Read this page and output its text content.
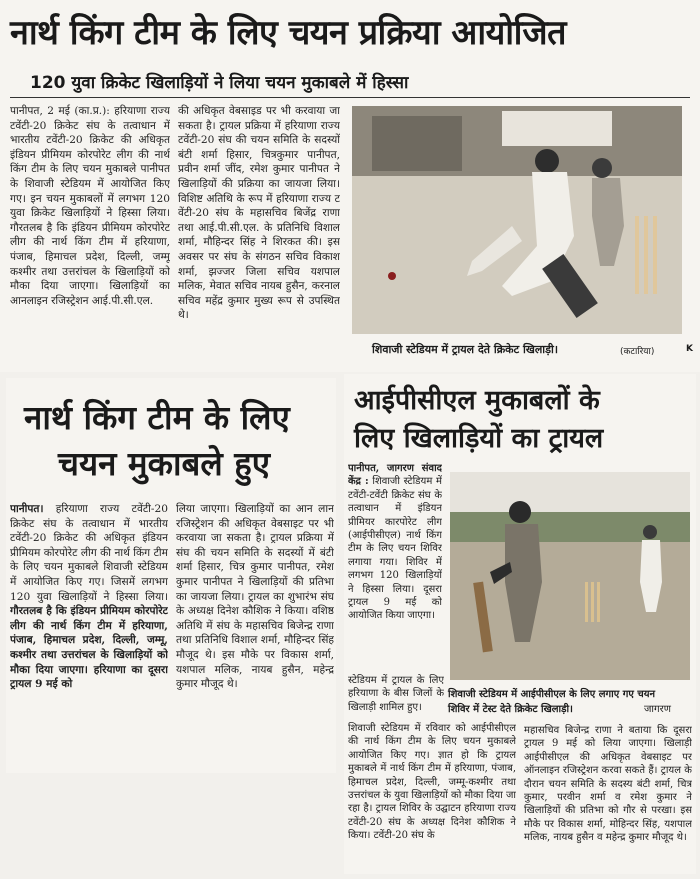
नार्थ किंग टीम के लिए चयन प्रक्रिया आयोजित
120 युवा क्रिकेट खिलाड़ियों ने लिया चयन मुकाबले में हिस्सा
पानीपत, 2 मई (का.प्र.): हरियाणा राज्य टवेंटी-20 क्रिकेट संघ के तत्वाधान में भारतीय टवेंटी-20 क्रिकेट की अधिकृत इंडियन प्रीमियम कोरपोरेट लीग की नार्थ किंग टीम के लिए चयन मुकाबले पानीपत के शिवाजी स्टेडियम में आयोजित किए गए। इन चयन मुकाबलों में लगभग 120 युवा क्रिकेट खिलाड़ियों ने हिस्सा लिया। गौरतलब है कि इंडियन प्रीमियम कोरपोरेट लीग की नार्थ किंग टीम में हरियाणा, पंजाब, हिमाचल प्रदेश, दिल्ली, जम्मू कश्मीर तथा उत्तरांचल के खिलाड़ियों को मौका दिया जाएगा। खिलाड़ियों का आनलाइन रजिस्ट्रेशन आई.पी.सी.एल.
की अधिकृत वेबसाइड पर भी करवाया जा सकता है। ट्रायल प्रक्रिया में हरियाणा राज्य टवेंटी-20 संघ की चयन समिति के सदस्यों बंटी शर्मा हिसार, चित्रकुमार पानीपत, प्रवीन शर्मा जींद, रमेश कुमार पानीपत ने खिलाड़ियों की प्रक्रिया का जायजा लिया। विशिष्ट अतिथि के रूप में हरियाणा राज्य ट वेंटी-20 संघ के महासचिव बिजेंद्र राणा तथा आई.पी.सी.एल. के प्रतिनिधि विशाल शर्मा, मौहिन्दर सिंह ने शिरकत की। इस अवसर पर संघ के संगठन सचिव विकाश शर्मा, झज्जर जिला सचिव यशपाल मलिक, मेवात सचिव नायब हुसैन, करनाल सचिव महेंद्र कुमार मुख्य रूप से उपस्थित थे।
शिवाजी स्टेडियम में ट्रायल देते क्रिकेट खिलाड़ी।	(कटारिया)	K
नार्थ किंग टीम के लिए
चयन मुकाबले हुए
पानीपत। हरियाणा राज्य टवेंटी-20 क्रिकेट संघ के तत्वाधान में भारतीय टवेंटी-20 क्रिकेट की अधिकृत इंडियन प्रीमियम कोरपोरेट लीग की नार्थ किंग टीम के लिए चयन मुकाबले शिवाजी स्टेडियम में आयोजित किए गए। जिसमें लगभग 120 युवा खिलाड़ियों ने हिस्सा लिया। गौरतलब है कि इंडियन प्रीमियम कोरपोरेट लीग की नार्थ किंग टीम में हरियाणा, पंजाब, हिमाचल प्रदेश, दिल्ली, जम्मू, कश्मीर तथा उत्तरांचल के खिलाड़ियों को मौका दिया जाएगा। हरियाणा का दूसरा ट्रायल 9 मई को
लिया जाएगा। खिलाड़ियों का आन लान रजिस्ट्रेशन की अधिकृत वेबसाइट पर भी करवाया जा सकता है। ट्रायल प्रक्रिया में संघ की चयन समिति के सदस्यों में बंटी शर्मा हिसार, चित्र कुमार पानीपत, रमेश कुमार पानीपत ने खिलाड़ियों की प्रतिभा का जायजा लिया। ट्रायल का शुभारंभ संघ के अध्यक्ष दिनेश कौशिक ने किया। वशिष्ठ अतिथि में संघ के महासचिव बिजेन्द्र राणा तथा प्रतिनिधि विशाल शर्मा, मौहिन्दर सिंह मौजूद थे। इस मौके पर विकास शर्मा, यशपाल मलिक, नायब हुसैन, महेन्द्र कुमार मौजूद थे।
आईपीसीएल मुकाबलों के
लिए खिलाड़ियों का ट्रायल
पानीपत, जागरण संवाद केंद्र : शिवाजी स्टेडियम में टवेंटी-टवेंटी क्रिकेट संघ के तत्वाधान में इंडियन प्रीमियर कारपोरेट लीग (आईपीसीएल) नार्थ किंग टीम के लिए चयन शिविर लगाया गया। शिविर में लगभग 120 खिलाड़ियों ने हिस्सा लिया। दूसरा ट्रायल 9 मई को आयोजित किया जाएगा।
शिवाजी स्टेडियम में आईपीसीएल के लिए लगाए गए चयन
शिविर में टेस्ट देते क्रिकेट खिलाड़ी।	जागरण
स्टेडियम में ट्रायल के लिए हरियाणा के बीस जिलों के खिलाड़ी शामिल हुए।
शिवाजी स्टेडियम में रविवार को आईपीसीएल की नार्थ किंग टीम के लिए चयन मुकाबले आयोजित किए गए। ज्ञात हो कि ट्रायल मुकाबले में नार्थ किंग टीम में हरियाणा, पंजाब, हिमाचल प्रदेश, दिल्ली, जम्मू-कश्मीर तथा उत्तरांचल के युवा खिलाड़ियों को मौका दिया जा रहा है। ट्रायल शिविर के उद्घाटन हरियाणा राज्य टवेंटी-20 संघ के अध्यक्ष दिनेश कौशिक ने किया। टवेंटी-20 संघ के
महासचिव बिजेन्द्र राणा ने बताया कि दूसरा ट्रायल 9 मई को लिया जाएगा। खिलाड़ी आईपीसीएल की अधिकृत वेबसाइट पर ऑनलाइन रजिस्ट्रेशन करवा सकते हैं। ट्रायल के दौरान चयन समिति के सदस्य बंटी शर्मा, चित्र कुमार, परवीन शर्मा व रमेश कुमार ने खिलाड़ियों की प्रतिभा को गौर से परखा। इस मौके पर विकास शर्मा, मोहिन्दर सिंह, यशपाल मलिक, नायब हुसैन व महेन्द्र कुमार मौजूद थे।
